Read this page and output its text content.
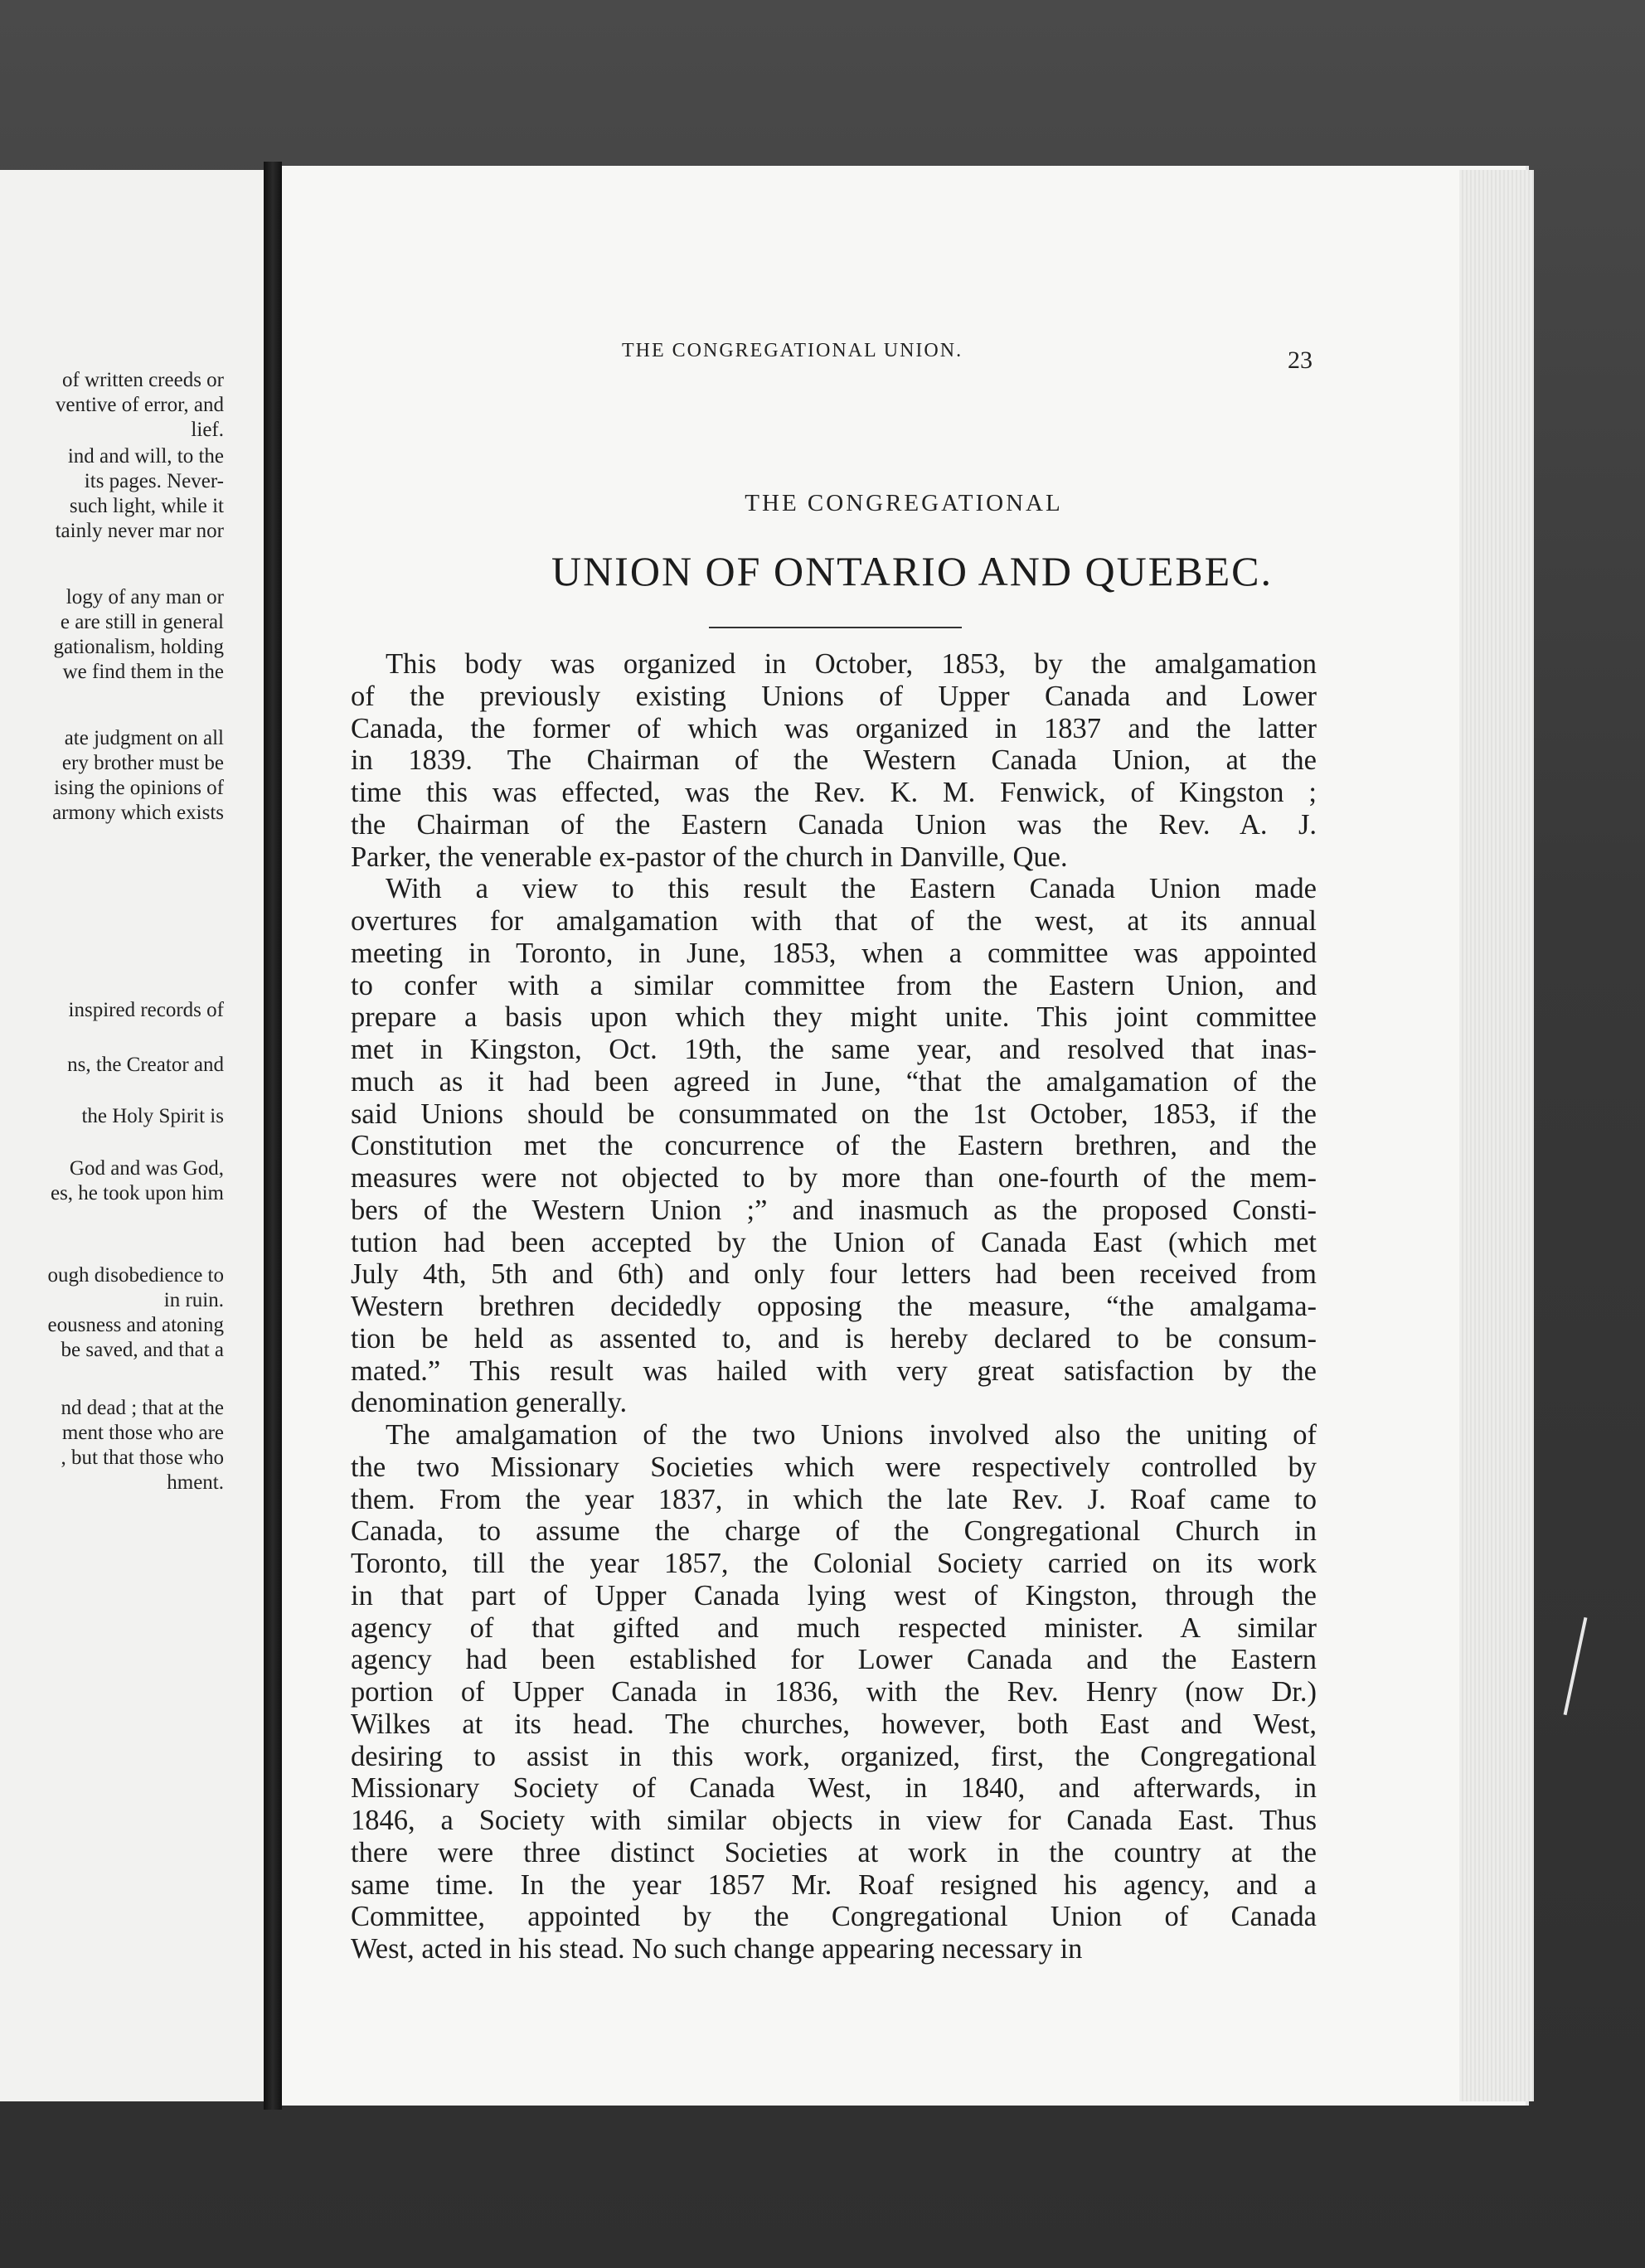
of written creeds or
ventive of error, and
lief.
ind and will, to the
its pages. Never-
such light, while it
tainly never mar nor
logy of any man or
e are still in general
gationalism, holding
we find them in the
ate judgment on all
ery brother must be
ising the opinions of
armony which exists
inspired records of
ns, the Creator and
the Holy Spirit is
God and was God,
es, he took upon him
ough disobedience to
in ruin.
eousness and atoning
be saved, and that a
nd dead ; that at the
ment those who are
, but that those who
hment.
THE CONGREGATIONAL UNION.	23
THE CONGREGATIONAL
UNION OF ONTARIO AND QUEBEC.
This body was organized in October, 1853, by the amalgamation
of the previously existing Unions of Upper Canada and Lower
Canada, the former of which was organized in 1837 and the latter
in 1839. The Chairman of the Western Canada Union, at the
time this was effected, was the Rev. K. M. Fenwick, of Kingston ;
the Chairman of the Eastern Canada Union was the Rev. A. J.
Parker, the venerable ex-pastor of the church in Danville, Que.
With a view to this result the Eastern Canada Union made
overtures for amalgamation with that of the west, at its annual
meeting in Toronto, in June, 1853, when a committee was appointed
to confer with a similar committee from the Eastern Union, and
prepare a basis upon which they might unite. This joint committee
met in Kingston, Oct. 19th, the same year, and resolved that inas-
much as it had been agreed in June, “that the amalgamation of the
said Unions should be consummated on the 1st October, 1853, if the
Constitution met the concurrence of the Eastern brethren, and the
measures were not objected to by more than one-fourth of the mem-
bers of the Western Union ;” and inasmuch as the proposed Consti-
tution had been accepted by the Union of Canada East (which met
July 4th, 5th and 6th) and only four letters had been received from
Western brethren decidedly opposing the measure, “the amalgama-
tion be held as assented to, and is hereby declared to be consum-
mated.” This result was hailed with very great satisfaction by the
denomination generally.
The amalgamation of the two Unions involved also the uniting of
the two Missionary Societies which were respectively controlled by
them. From the year 1837, in which the late Rev. J. Roaf came to
Canada, to assume the charge of the Congregational Church in
Toronto, till the year 1857, the Colonial Society carried on its work
in that part of Upper Canada lying west of Kingston, through the
agency of that gifted and much respected minister. A similar
agency had been established for Lower Canada and the Eastern
portion of Upper Canada in 1836, with the Rev. Henry (now Dr.)
Wilkes at its head. The churches, however, both East and West,
desiring to assist in this work, organized, first, the Congregational
Missionary Society of Canada West, in 1840, and afterwards, in
1846, a Society with similar objects in view for Canada East. Thus
there were three distinct Societies at work in the country at the
same time. In the year 1857 Mr. Roaf resigned his agency, and a
Committee, appointed by the Congregational Union of Canada
West, acted in his stead. No such change appearing necessary in
